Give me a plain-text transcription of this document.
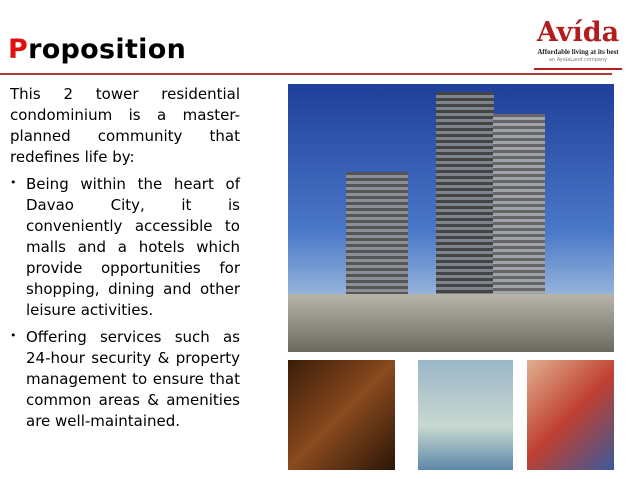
Proposition
Avída
Affordable living at its best
an AyalaLand company

This 2 tower residential condominium is a master-planned community that redefines life by:

• Being within the heart of Davao City, it is conveniently accessible to malls and a hotels which provide opportunities for shopping, dining and other leisure activities.

• Offering services such as 24-hour security & property management to ensure that common areas & amenities are well-maintained.
